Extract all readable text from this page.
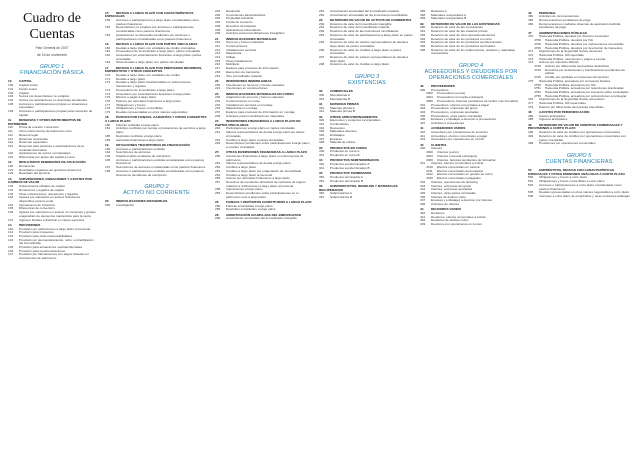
Cuadro de
Cuentas
Plan General de 2007
de 16 de noviembre
GRUPO 1
FINANCIACIÓN BÁSICA
10 CAPITAL
100 Capital social
101 Fondo social
102 Capital
103 Socios por desembolsos no exigidos
104 Socios por aportaciones no dinerarias pendientes
108 Acciones o participaciones propias en situaciones especiales
109 Acciones o participaciones propias para reducción de capital
11 RESERVAS Y OTROS INSTRUMENTOS DE PATRIMONIO
110 Prima de emisión o asunción
111 Otros instrumentos de patrimonio neto
112 Reserva legal
113 Reservas voluntarias
114 Reservas especiales
115 Reservas para acciones o participaciones de la sociedad dominante
118 Aportaciones de socios o propietarios
119 Diferencias por ajuste del capital a euros
12 RESULTADOS PENDIENTES DE APLICACIÓN
120 Remanente
121 Resultados negativos de ejercicios anteriores
129 Resultado del ejercicio
13 SUBVENCIONES, DONACIONES Y AJUSTES POR CAMBIOS DE VALOR
130 Subvenciones oficiales de capital
131 Donaciones y legados de capital
132 Otras subvenciones, donaciones y legados
133 Ajustes por valoración en activos financieros disponibles para la venta
134 Operaciones de cobertura
135 Diferencias de conversión
136 Ajustes por valoración en activos no corrientes y grupos enajenables de elementos mantenidos para la venta
137 Ingresos fiscales a distribuir en varios ejercicios
14 PROVISIONES
140 Provisión por retribuciones a largo plazo al personal
141 Provisión para impuestos
142 Provisión para otras responsabilidades
143 Provisión por desmantelamiento, retiro o rehabilitación del inmovilizado
145 Provisión para actuaciones medioambientales
146 Provisión para reestructuraciones
147 Provisión por transacciones con pagos basados en instrumentos de patrimonio
15 DEUDAS A LARGO PLAZO CON CARACTERÍSTICAS ESPECIALES
150 Acciones o participaciones a largo plazo consideradas como pasivos financieros
153 Desembolsos no exigidos por acciones o participaciones consideradas como pasivos financieros
154 Aportaciones no dinerarias pendientes por acciones o participaciones consideradas como pasivos financieros
16 DEUDAS A LARGO PLAZO CON PARTES VINCULADAS
160 Deudas a largo plazo con entidades de crédito vinculadas
161 Proveedores de inmovilizado a largo plazo, partes vinculadas
162 Acreedores por arrendamiento financiero a largo plazo, partes vinculadas
163 Otras deudas a largo plazo con partes vinculadas
17 DEUDAS A LARGO PLAZO POR PRÉSTAMOS RECIBIDOS, EMPRÉSTITOS Y OTROS CONCEPTOS
170 Deudas a largo plazo con entidades de crédito
171 Deudas a largo plazo
172 Deudas a largo plazo transformables en subvenciones, donaciones y legados
173 Proveedores de inmovilizado a largo plazo
174 Acreedores por arrendamiento financiero a largo plazo
175 Efectos a pagar a largo plazo
176 Pasivos por derivados financieros a largo plazo
177 Obligaciones y bonos
178 Obligaciones y bonos convertibles
179 Deudas representadas en otros valores negociables
18 PASIVOS POR FIANZAS, GARANTÍAS Y OTROS CONCEPTOS A LARGO PLAZO
180 Fianzas recibidas a largo plazo
181 Anticipos recibidos por ventas o prestaciones de servicios a largo plazo
185 Depósitos recibidos a largo plazo
189 Garantías financieras a largo plazo
19 SITUACIONES TRANSITORIAS DE FINANCIACIÓN
190 Acciones o participaciones emitidas
192 Suscriptores de acciones
194 Capital emitido pendiente de inscripción
195 Acciones o participaciones emitidas consideradas como pasivos financieros
197 Suscriptores de acciones consideradas como pasivos financieros
199 Acciones o participaciones emitidas consideradas como pasivos financieros pendientes de inscripción
GRUPO 2
ACTIVO NO CORRIENTE
20 INMOVILIZACIONES INTANGIBLES
200 Investigación
201 Desarrollo
202 Concesiones administrativas
203 Propiedad industrial
204 Fondo de comercio
205 Derechos de traspaso
206 Aplicaciones informáticas
209 Anticipos para inmovilizaciones intangibles
21 INMOVILIZACIONES MATERIALES
210 Terrenos y bienes naturales
211 Construcciones
212 Instalaciones técnicas
213 Maquinaria
214 Utillaje
215 Otras instalaciones
216 Mobiliario
217 Equipos para procesos de información
218 Elementos de transporte
219 Otro inmovilizado material
22 INVERSIONES INMOBILIARIAS
220 Inversiones en terrenos y bienes naturales
221 Inversiones en construcciones
23 INMOVILIZACIONES MATERIALES EN CURSO
230 Adaptación de terrenos y bienes naturales
231 Construcciones en curso
232 Instalaciones técnicas en montaje
233 Maquinaria en montaje
237 Equipos para procesos de información en montaje
239 Anticipos para inmovilizaciones materiales
24 INVERSIONES FINANCIERAS A LARGO PLAZO EN PARTES VINCULADAS
240 Participaciones a largo plazo en partes vinculadas
241 Valores representativos de deuda a largo plazo de partes vinculadas
242 Créditos a largo plazo a partes vinculadas
249 Desembolsos pendientes sobre participaciones a largo plazo en partes vinculadas
25 OTRAS INVERSIONES FINANCIERAS A LARGO PLAZO
250 Inversiones financieras a largo plazo en instrumentos de patrimonio
251 Valores representativos de deuda a largo plazo
252 Créditos a largo plazo
253 Créditos a largo plazo por enajenación de inmovilizado
254 Créditos a largo plazo al personal
255 Activos por derivados financieros a largo plazo
257 Derechos de reembolso derivados de contratos de seguro relativos a retribuciones a largo plazo al personal
258 Imposiciones a largo plazo
259 Desembolsos pendientes sobre participaciones en el patrimonio neto a largo plazo
26 FIANZAS Y DEPÓSITOS CONSTITUIDOS A LARGO PLAZO
260 Fianzas constituidas a largo plazo
265 Depósitos constituidos a largo plazo
28 AMORTIZACIÓN ACUMULADA DEL INMOVILIZADO
280 Amortización acumulada del inmovilizado intangible
281 Amortización acumulada del inmovilizado material
282 Amortización acumulada de las inversiones inmobiliarias
29 DETERIORO DE VALOR DE ACTIVOS NO CORRIENTES
290 Deterioro de valor del inmovilizado intangible
291 Deterioro de valor del inmovilizado material
292 Deterioro de valor de las inversiones inmobiliarias
293 Deterioro de valor de participaciones a largo plazo en partes vinculadas
294 Deterioro de valor de valores representativos de deuda a largo plazo de partes vinculadas
295 Deterioro de valor de créditos a largo plazo a partes vinculadas
297 Deterioro de valor de valores representativos de deuda a largo plazo
298 Deterioro de valor de créditos a largo plazo
GRUPO 3
EXISTENCIAS
30 COMERCIALES
300 Mercaderías A
301 Mercaderías B
31 MATERIAS PRIMAS
310 Materias primas A
311 Materias primas B
32 OTROS APROVISIONAMIENTOS
320 Elementos y conjuntos incorporables
321 Combustibles
322 Repuestos
325 Materiales diversos
326 Embalajes
327 Envases
328 Material de oficina
33 PRODUCTOS EN CURSO
330 Productos en curso A
331 Productos en curso B
34 PRODUCTOS SEMITERMINADOS
340 Productos semiterminados A
341 Productos semiterminados B
35 PRODUCTOS TERMINADOS
350 Productos terminados A
351 Productos terminados B
36 SUBPRODUCTOS, RESIDUOS Y MATERIALES RECUPERADOS
360 Subproductos A
361 Subproductos B
365 Residuos A
368 Materiales recuperados A
369 Materiales recuperados B
39 DETERIORO DE VALOR DE LAS EXISTENCIAS
390 Deterioro de valor de las mercaderías
391 Deterioro de valor de las materias primas
392 Deterioro de valor de otros aprovisionamientos
393 Deterioro de valor de los productos en curso
394 Deterioro de valor de los productos semiterminados
395 Deterioro de valor de los productos terminados
396 Deterioro de valor de los subproductos, residuos y materiales recuperados
GRUPO 4
ACREEDORES Y DEUDORES POR OPERACIONES COMERCIALES
40 PROVEEDORES
400 Proveedores
4000 Proveedores (euros)
4004 Proveedores (moneda extranjera)
4009 Proveedores, facturas pendientes de recibir o de formalizar
401 Proveedores, efectos comerciales a pagar
403 Proveedores, empresas del grupo
404 Proveedores, empresas asociadas
405 Proveedores, otras partes vinculadas
406 Envases y embalajes a devolver a proveedores
407 Anticipos a proveedores
41 ACREEDORES VARIOS
410 Acreedores por prestaciones de servicios
411 Acreedores, efectos comerciales a pagar
419 Acreedores por operaciones en común
43 CLIENTES
430 Clientes
4300 Clientes (euros)
4304 Clientes (moneda extranjera)
4309 Clientes, facturas pendientes de formalizar
431 Clientes, efectos comerciales a cobrar
4310 Efectos comerciales en cartera
4311 Efectos comerciales descontados
4312 Efectos comerciales en gestión de cobro
4315 Efectos comerciales impagados
432 Clientes, operaciones de factoring
433 Clientes, empresas del grupo
434 Clientes, empresas asociadas
435 Clientes, otras partes vinculadas
436 Clientes de dudoso cobro
437 Envases y embalajes a devolver por clientes
438 Anticipos de clientes
44 DEUDORES VARIOS
440 Deudores
441 Deudores, efectos comerciales a cobrar
446 Deudores de dudoso cobro
449 Deudores por operaciones en común
46 PERSONAL
460 Anticipos de remuneraciones
465 Remuneraciones pendientes de pago
466 Remuneraciones mediante sistemas de aportación definida pendientes de pago
47 ADMINISTRACIONES PÚBLICAS
470 Hacienda Pública, deudora por diversos conceptos
4700 Hacienda Pública, deudora por IVA
4708 Hacienda Pública, deudora por subvenciones concedidas
4709 Hacienda Pública, deudora por devolución de impuestos
471 Organismos de la Seguridad Social, deudores
472 Hacienda Pública, IVA soportado
473 Hacienda Pública, retenciones y pagos a cuenta
474 Activos por impuesto diferido
4740 Activos por diferencias temporarias deducibles
4742 Derechos por deducciones y bonificaciones pendientes de aplicar
4745 Crédito por pérdidas a compensar del ejercicio
475 Hacienda Pública, acreedora por conceptos fiscales
4750 Hacienda Pública, acreedora por IVA
4751 Hacienda Pública, acreedora por retenciones practicadas
4752 Hacienda Pública, acreedora por impuesto sobre sociedades
4758 Hacienda Pública, acreedora por subvenciones a reintegrar
476 Organismos de la Seguridad Social, acreedores
477 Hacienda Pública, IVA repercutido
479 Pasivos por diferencias temporarias imponibles
48 AJUSTES POR PERIODIFICACIÓN
480 Gastos anticipados
485 Ingresos anticipados
49 DETERIORO DE VALOR DE CRÉDITOS COMERCIALES Y PROVISIONES A CORTO PLAZO
490 Deterioro de valor de créditos por operaciones comerciales
493 Deterioro de valor de créditos por operaciones comerciales con partes vinculadas
499 Provisiones por operaciones comerciales
GRUPO 5
CUENTAS FINANCIERAS
50 EMPRÉSTITOS, DEUDAS CON CARACTERÍSTICAS ESPECIALES Y OTRAS EMISIONES ANÁLOGAS A CORTO PLAZO
500 Obligaciones y bonos a corto plazo
501 Obligaciones y bonos convertibles a corto plazo
502 Acciones o participaciones a corto plazo consideradas como pasivos financieros
505 Deudas representadas en otros valores negociables a corto plazo
506 Intereses a corto plazo de empréstitos y otras emisiones análogas
